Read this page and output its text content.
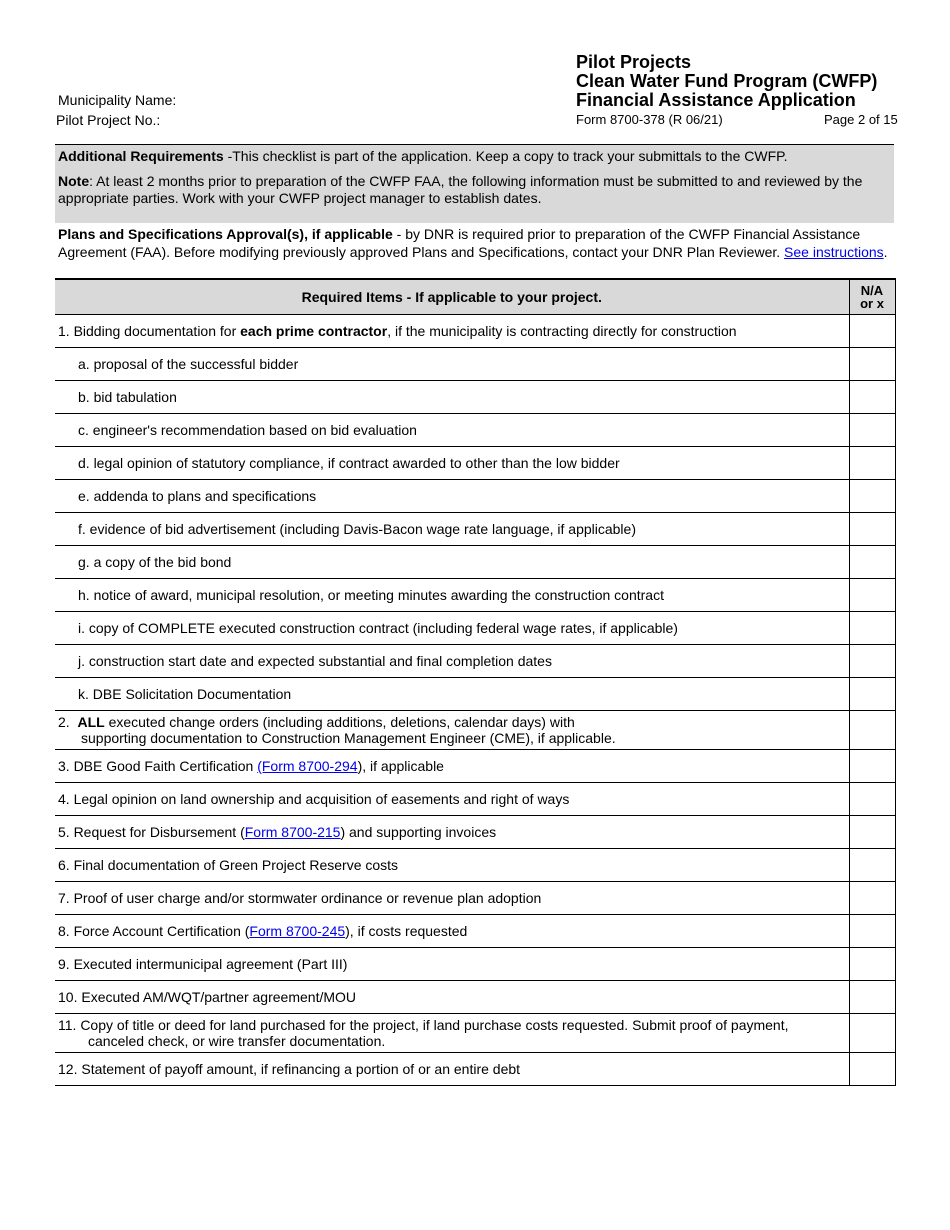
Pilot Projects
Clean Water Fund Program (CWFP)
Financial Assistance Application
Municipality Name:
Pilot Project No.:	Form 8700-378 (R 06/21)	Page 2 of 15
Additional Requirements -This checklist is part of the application. Keep a copy to track your submittals to the CWFP.
Note: At least 2 months prior to preparation of the CWFP FAA, the following information must be submitted to and reviewed by the appropriate parties. Work with your CWFP project manager to establish dates.
Plans and Specifications Approval(s), if applicable - by DNR is required prior to preparation of the CWFP Financial Assistance Agreement (FAA). Before modifying previously approved Plans and Specifications, contact your DNR Plan Reviewer. See instructions.
Required Items - If applicable to your project.	N/A
or x
1. Bidding documentation for each prime contractor, if the municipality is contracting directly for construction	
a. proposal of the successful bidder	
b. bid tabulation	
c. engineer's recommendation based on bid evaluation	
d. legal opinion of statutory compliance, if contract awarded to other than the low bidder	
e. addenda to plans and specifications	
f. evidence of bid advertisement (including Davis-Bacon wage rate language, if applicable)	
g. a copy of the bid bond	
h. notice of award, municipal resolution, or meeting minutes awarding the construction contract	
i. copy of COMPLETE executed construction contract (including federal wage rates, if applicable)	
j. construction start date and expected substantial and final completion dates	
k. DBE Solicitation Documentation	

2. ALL executed change orders (including additions, deletions, calendar days) with
supporting documentation to Construction Management Engineer (CME), if applicable.	

3. DBE Good Faith Certification (Form 8700-294), if applicable	
4. Legal opinion on land ownership and acquisition of easements and right of ways	
5. Request for Disbursement (Form 8700-215) and supporting invoices	
6. Final documentation of Green Project Reserve costs	
7. Proof of user charge and/or stormwater ordinance or revenue plan adoption	
8. Force Account Certification (Form 8700-245), if costs requested	
9. Executed intermunicipal agreement (Part III)	
10. Executed AM/WQT/partner agreement/MOU	

11. Copy of title or deed for land purchased for the project, if land purchase costs requested. Submit proof of payment,
canceled check, or wire transfer documentation.	

12. Statement of payoff amount, if refinancing a portion of or an entire debt	
